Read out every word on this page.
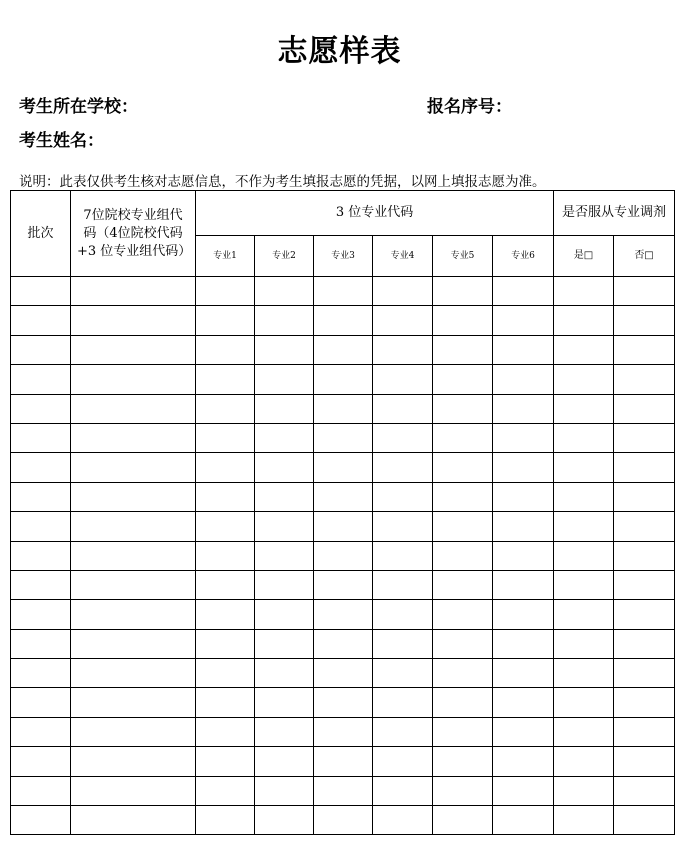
志愿样表
考生所在学校：	报名序号：
考生姓名：
说明：此表仅供考生核对志愿信息，不作为考生填报志愿的凭据，以网上填报志愿为准。
批次	7位院校专业组代码（4位院校代码+3 位专业组代码）	3 位专业代码						是否服从专业调剂	
		专业1	专业2	专业3	专业4	专业5	专业6	是□	否□
